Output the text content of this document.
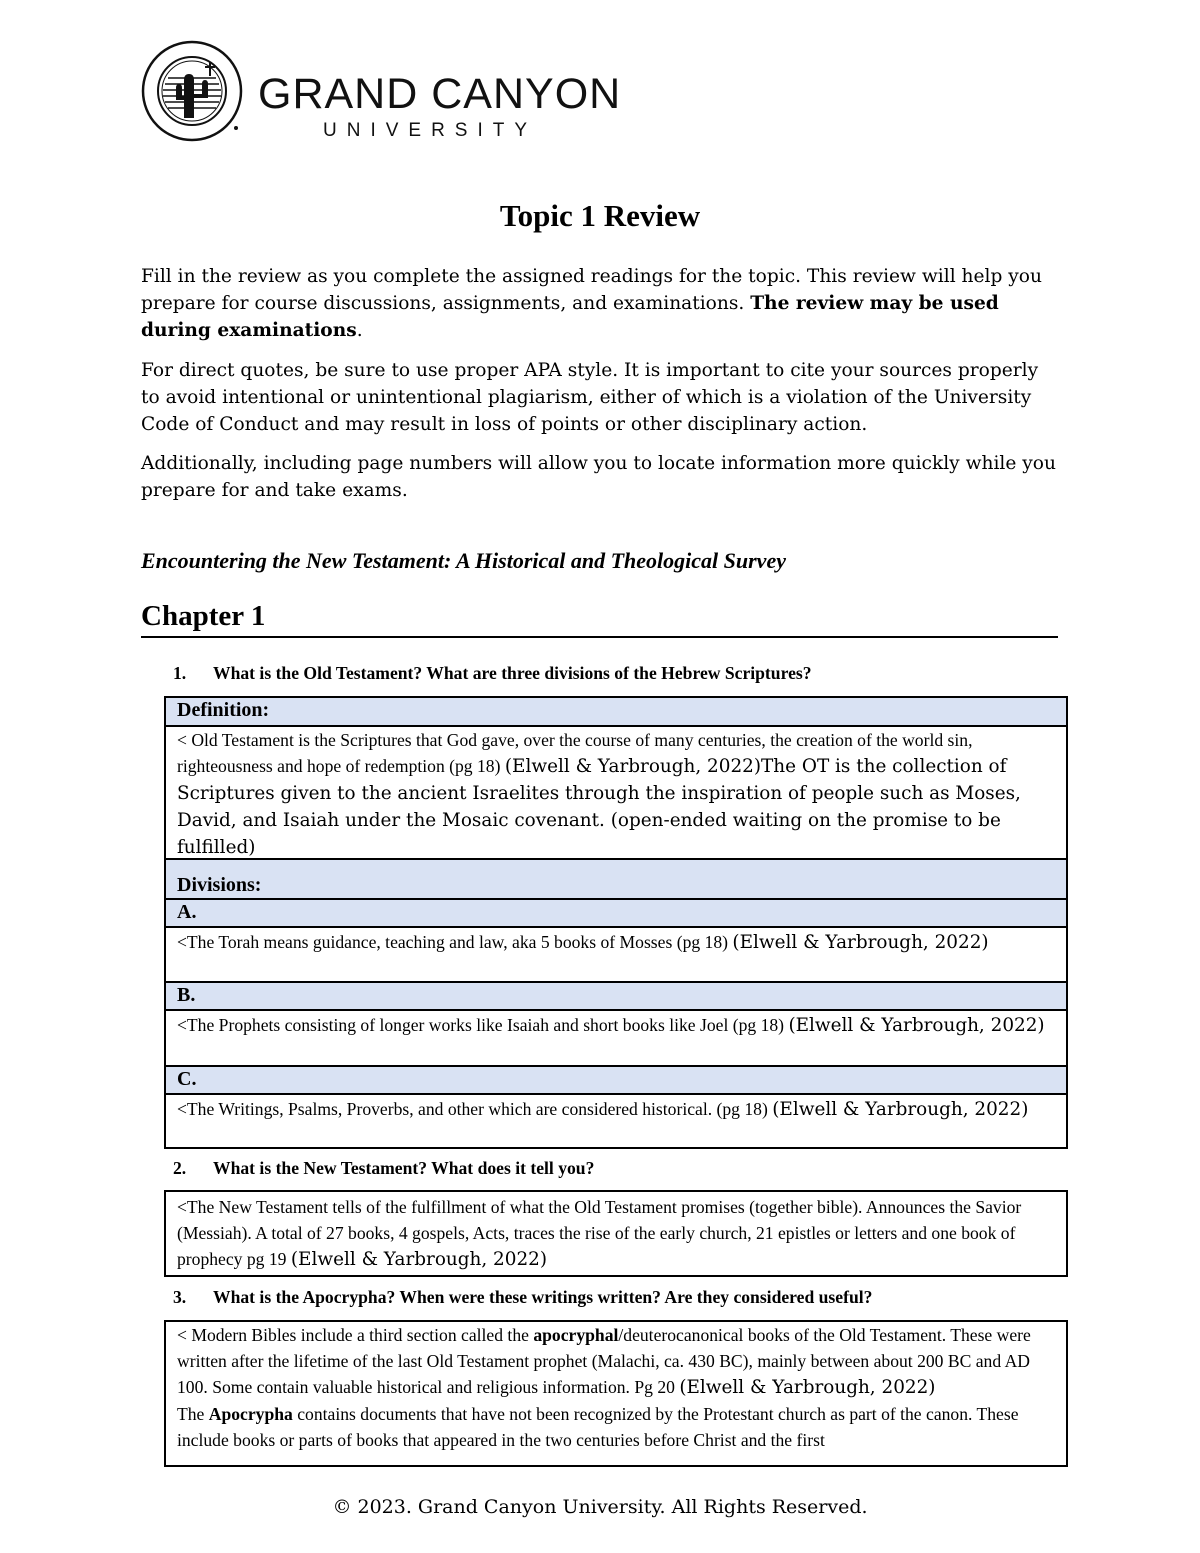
GRAND CANYON
UNIVERSITY
Topic 1 Review
Fill in the review as you complete the assigned readings for the topic. This review will help you prepare for course discussions, assignments, and examinations. The review may be used during examinations.
For direct quotes, be sure to use proper APA style. It is important to cite your sources properly to avoid intentional or unintentional plagiarism, either of which is a violation of the University Code of Conduct and may result in loss of points or other disciplinary action.
Additionally, including page numbers will allow you to locate information more quickly while you prepare for and take exams.
Encountering the New Testament: A Historical and Theological Survey
Chapter 1
1. What is the Old Testament? What are three divisions of the Hebrew Scriptures?
Definition:
< Old Testament is the Scriptures that God gave, over the course of many centuries, the creation of the world sin, righteousness and hope of redemption (pg 18) (Elwell & Yarbrough, 2022)The OT is the collection of Scriptures given to the ancient Israelites through the inspiration of people such as Moses, David, and Isaiah under the Mosaic covenant. (open-ended waiting on the promise to be fulfilled)
Divisions:
A.
<The Torah means guidance, teaching and law, aka 5 books of Mosses (pg 18) (Elwell & Yarbrough, 2022)
B.
<The Prophets consisting of longer works like Isaiah and short books like Joel (pg 18) (Elwell & Yarbrough, 2022)
C.
<The Writings, Psalms, Proverbs, and other which are considered historical. (pg 18) (Elwell & Yarbrough, 2022)
2. What is the New Testament? What does it tell you?
<The New Testament tells of the fulfillment of what the Old Testament promises (together bible). Announces the Savior (Messiah). A total of 27 books, 4 gospels, Acts, traces the rise of the early church, 21 epistles or letters and one book of prophecy pg 19 (Elwell & Yarbrough, 2022)
3. What is the Apocrypha? When were these writings written? Are they considered useful?
< Modern Bibles include a third section called the apocryphal/deuterocanonical books of the Old Testament. These were written after the lifetime of the last Old Testament prophet (Malachi, ca. 430 BC), mainly between about 200 BC and AD 100. Some contain valuable historical and religious information. Pg 20 (Elwell & Yarbrough, 2022)
The Apocrypha contains documents that have not been recognized by the Protestant church as part of the canon. These include books or parts of books that appeared in the two centuries before Christ and the first
© 2023. Grand Canyon University. All Rights Reserved.
